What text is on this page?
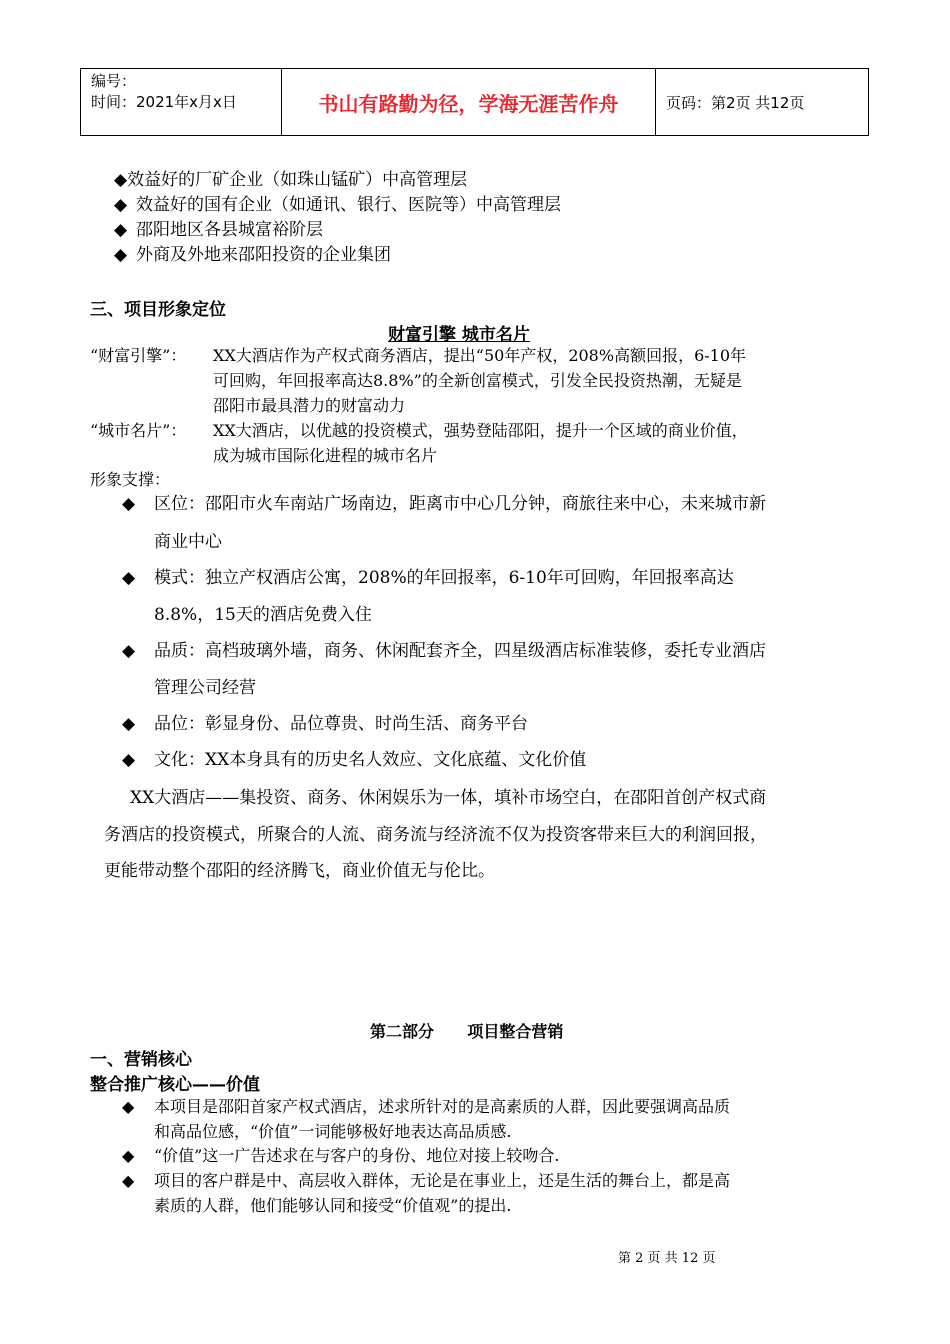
编号：
时间：2021年x月x日	书山有路勤为径，学海无涯苦作舟	页码：第2页 共12页
◆效益好的厂矿企业（如珠山锰矿）中高管理层
◆ 效益好的国有企业（如通讯、银行、医院等）中高管理层
◆ 邵阳地区各县城富裕阶层
◆ 外商及外地来邵阳投资的企业集团
三、项目形象定位
财富引擎 城市名片
“财富引擎”： XX大酒店作为产权式商务酒店，提出“50年产权，208%高额回报，6-10年
可回购，年回报率高达8.8%”的全新创富模式，引发全民投资热潮，无疑是
邵阳市最具潜力的财富动力
“城市名片”： XX大酒店，以优越的投资模式，强势登陆邵阳，提升一个区域的商业价值，
成为城市国际化进程的城市名片
形象支撑：
◆ 区位：邵阳市火车南站广场南边，距离市中心几分钟，商旅往来中心，未来城市新
商业中心
◆ 模式：独立产权酒店公寓，208%的年回报率，6-10年可回购，年回报率高达
8.8%，15天的酒店免费入住
◆ 品质：高档玻璃外墙，商务、休闲配套齐全，四星级酒店标准装修，委托专业酒店
管理公司经营
◆ 品位：彰显身份、品位尊贵、时尚生活、商务平台
◆ 文化：XX本身具有的历史名人效应、文化底蕴、文化价值
XX大酒店——集投资、商务、休闲娱乐为一体，填补市场空白，在邵阳首创产权式商
务酒店的投资模式，所聚合的人流、商务流与经济流不仅为投资客带来巨大的利润回报，
更能带动整个邵阳的经济腾飞，商业价值无与伦比。
第二部分      项目整合营销
一、营销核心
整合推广核心——价值
◆ 本项目是邵阳首家产权式酒店，述求所针对的是高素质的人群，因此要强调高品质
和高品位感，“价值”一词能够极好地表达高品质感.
◆ “价值”这一广告述求在与客户的身份、地位对接上较吻合.
◆ 项目的客户群是中、高层收入群体，无论是在事业上，还是生活的舞台上，都是高
素质的人群，他们能够认同和接受“价值观”的提出.
第 2 页 共 12 页
